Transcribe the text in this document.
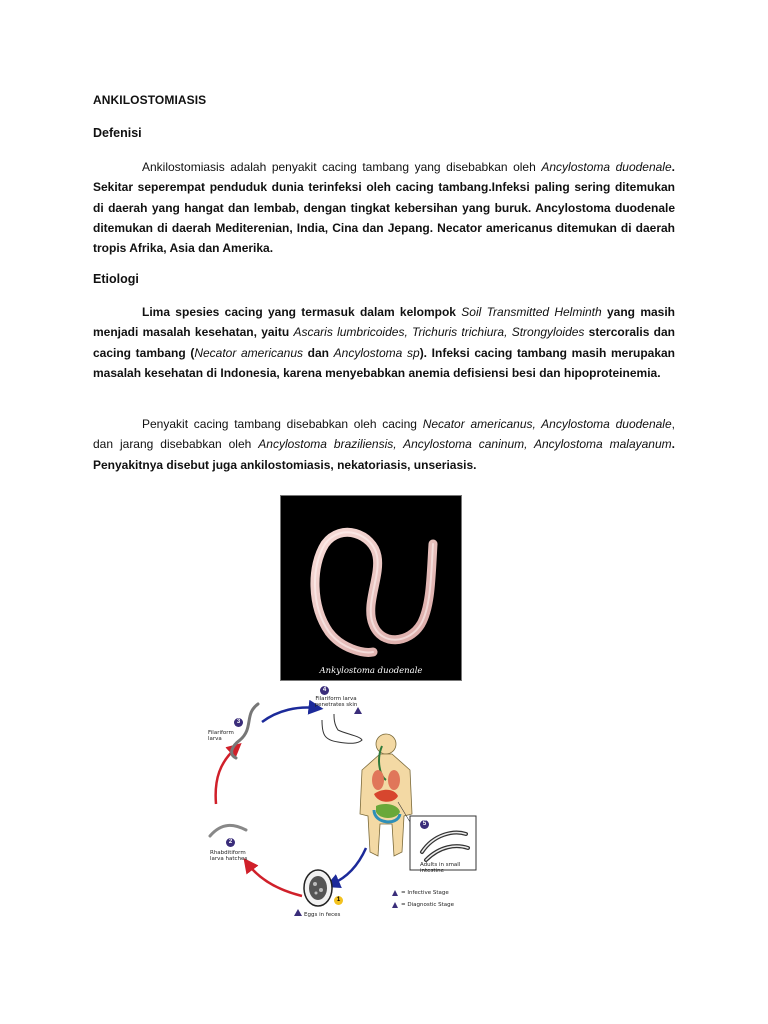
ANKILOSTOMIASIS
Defenisi

Ankilostomiasis adalah penyakit cacing tambang yang disebabkan oleh Ancylostoma duodenale. Sekitar seperempat penduduk dunia terinfeksi oleh cacing tambang.Infeksi paling sering ditemukan di daerah yang hangat dan lembab, dengan tingkat kebersihan yang buruk. Ancylostoma duodenale ditemukan di daerah Mediterenian, India, Cina dan Jepang. Necator americanus ditemukan di daerah tropis Afrika, Asia dan Amerika.

Etiologi

Lima spesies cacing yang termasuk dalam kelompok Soil Transmitted Helminth yang masih menjadi masalah kesehatan, yaitu Ascaris lumbricoides, Trichuris trichiura, Strongyloides stercoralis dan cacing tambang (Necator americanus dan Ancylostoma sp). Infeksi cacing tambang masih merupakan masalah kesehatan di Indonesia, karena menyebabkan anemia defisiensi besi dan hipoproteinemia.

Penyakit cacing tambang disebabkan oleh cacing Necator americanus, Ancylostoma duodenale, dan jarang disebabkan oleh Ancylostoma braziliensis, Ancylostoma caninum, Ancylostoma malayanum. Penyakitnya disebut juga ankilostomiasis, nekatoriasis, unseriasis.

Ankylostoma duodenale
4
Filariform larva penetrates skin
3
Filariform larva
2
Rhabditiform larva hatches
1
Eggs in feces
5
Adults in small intestine
= Infective Stage
= Diagnostic Stage
